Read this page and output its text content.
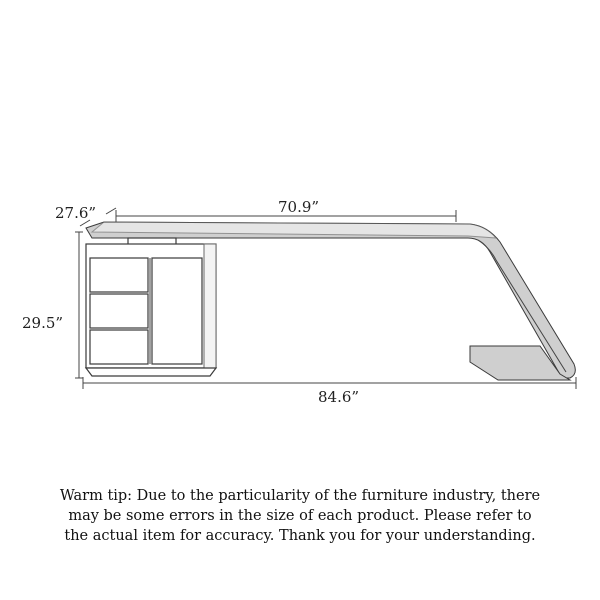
27.6”	70.9”
29.5”
84.6”
Warm tip: Due to the particularity of the furniture industry, there
may be some errors in the size of each product. Please refer to
the actual item for accuracy. Thank you for your understanding.
